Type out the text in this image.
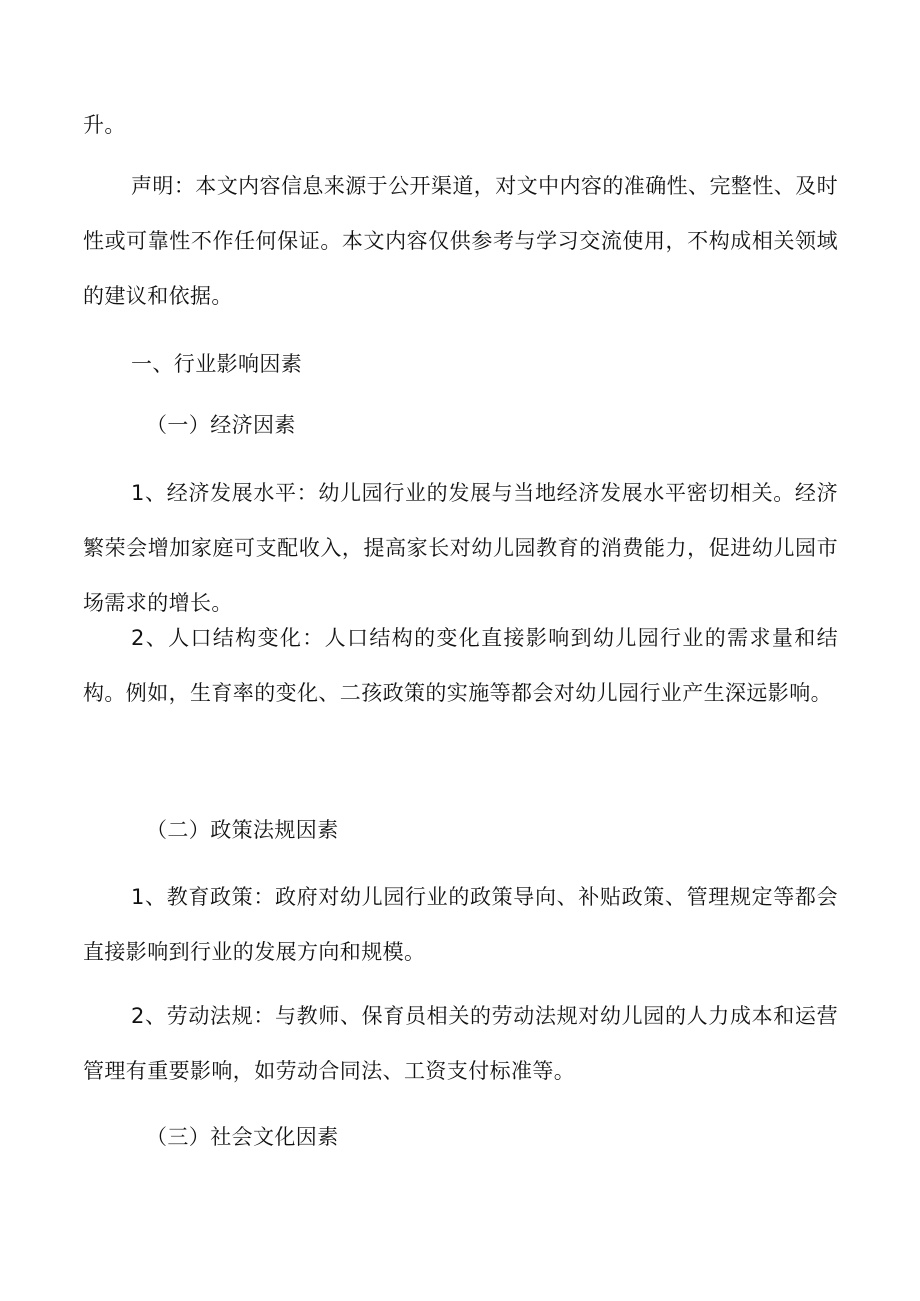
升。

声明：本文内容信息来源于公开渠道，对文中内容的准确性、完整性、及时性或可靠性不作任何保证。本文内容仅供参考与学习交流使用，不构成相关领域的建议和依据。

一、行业影响因素

（一）经济因素

1、经济发展水平：幼儿园行业的发展与当地经济发展水平密切相关。经济繁荣会增加家庭可支配收入，提高家长对幼儿园教育的消费能力，促进幼儿园市场需求的增长。

2、人口结构变化：人口结构的变化直接影响到幼儿园行业的需求量和结构。例如，生育率的变化、二孩政策的实施等都会对幼儿园行业产生深远影响。

（二）政策法规因素

1、教育政策：政府对幼儿园行业的政策导向、补贴政策、管理规定等都会直接影响到行业的发展方向和规模。

2、劳动法规：与教师、保育员相关的劳动法规对幼儿园的人力成本和运营管理有重要影响，如劳动合同法、工资支付标准等。

（三）社会文化因素
